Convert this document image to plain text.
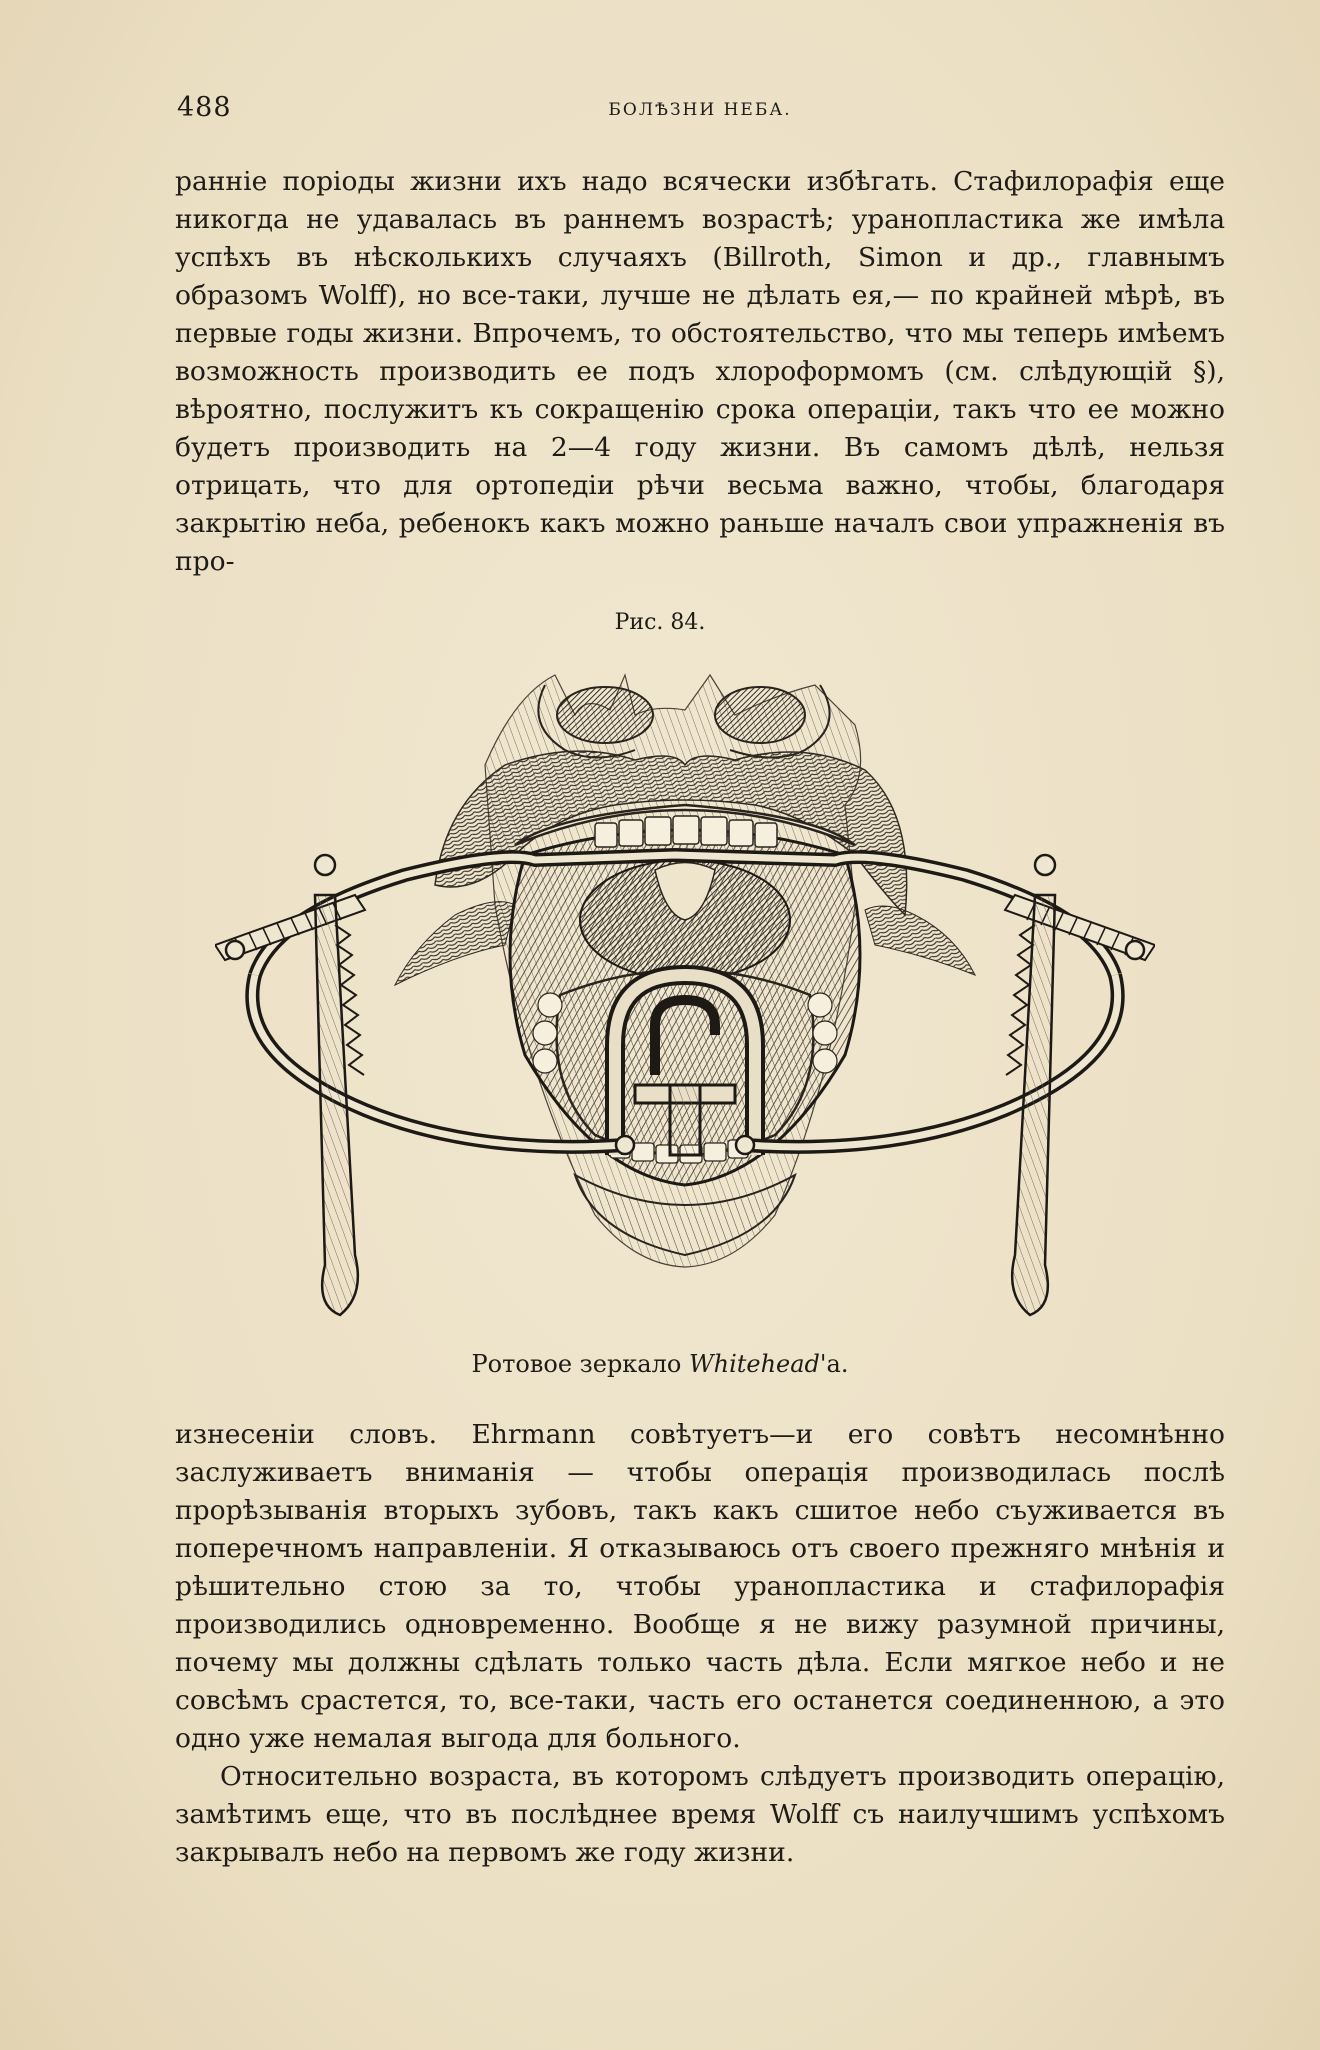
488	БОЛѢЗНИ НЕБА.

ранніе поріоды жизни ихъ надо всячески избѣгать. Стафилорафія еще никогда не удавалась въ раннемъ возрастѣ; уранопластика же имѣла успѣхъ въ нѣсколькихъ случаяхъ (Billroth, Simon и др., главнымъ образомъ Wolff), но все-таки, лучше не дѣлать ея,— по крайней мѣрѣ, въ первые годы жизни. Впрочемъ, то обстоятельство, что мы теперь имѣемъ возможность производить ее подъ хлороформомъ (см. слѣдующій §), вѣроятно, послужитъ къ сокращенію срока операціи, такъ что ее можно будетъ производить на 2—4 году жизни. Въ самомъ дѣлѣ, нельзя отрицать, что для ортопедіи рѣчи весьма важно, чтобы, благодаря закрытію неба, ребенокъ какъ можно раньше началъ свои упражненія въ про-

Рис. 84.
Ротовое зеркало Whitehead'а.

изнесеніи словъ. Ehrmann совѣтуетъ—и его совѣтъ несомнѣнно заслуживаетъ вниманія — чтобы операція производилась послѣ прорѣзыванія вторыхъ зубовъ, такъ какъ сшитое небо съуживается въ поперечномъ направленіи. Я отказываюсь отъ своего прежняго мнѣнія и рѣшительно стою за то, чтобы уранопластика и стафилорафія производились одновременно. Вообще я не вижу разумной причины, почему мы должны сдѣлать только часть дѣла. Если мягкое небо и не совсѣмъ срастется, то, все-таки, часть его останется соединенною, а это одно уже немалая выгода для больного.

Относительно возраста, въ которомъ слѣдуетъ производить операцію, замѣтимъ еще, что въ послѣднее время Wolff съ наилучшимъ успѣхомъ закрывалъ небо на первомъ же году жизни.
